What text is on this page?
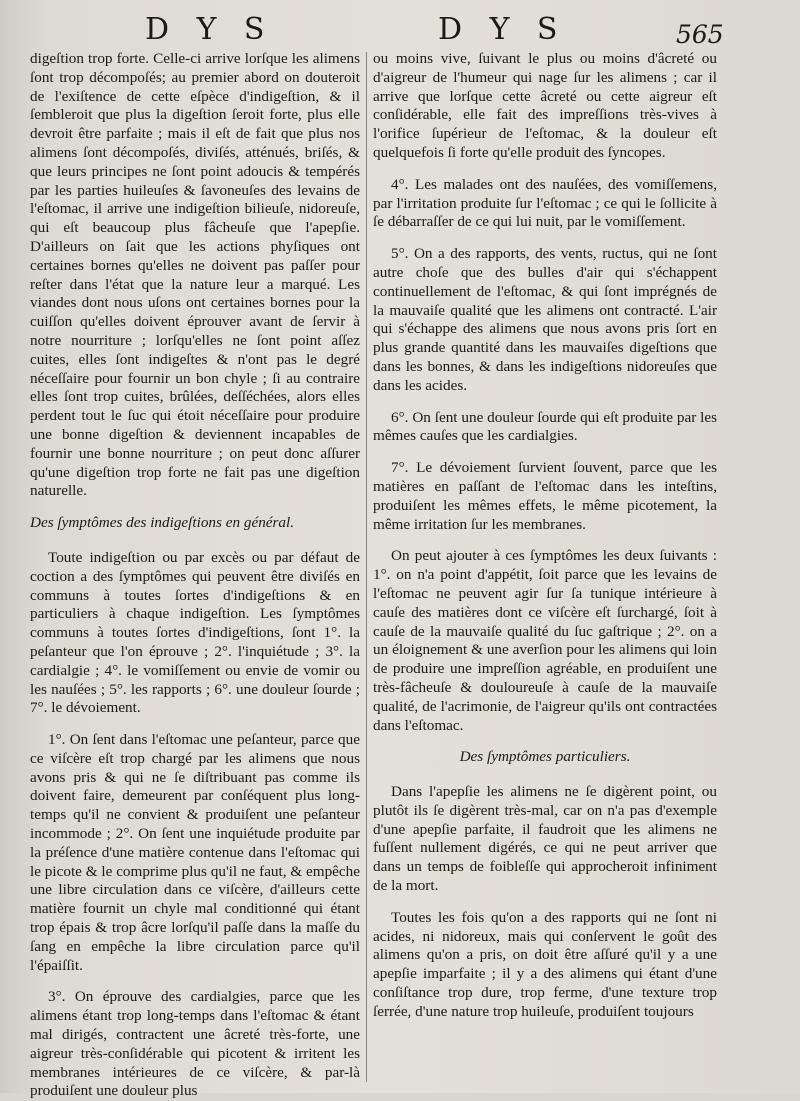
D Y S	D Y S	565

digeſtion trop forte. Celle-ci arrive lorſque les alimens ſont trop décompoſés; au premier abord on douteroit de l'exiſtence de cette eſpèce d'indigeſtion, & il ſembleroit que plus la digeſtion ſeroit forte, plus elle devroit être parfaite ; mais il eſt de fait que plus nos alimens ſont décompoſés, diviſés, atténués, briſés, & que leurs principes ne ſont point adoucis & tempérés par les parties huileuſes & ſavoneuſes des levains de l'eſtomac, il arrive une indigeſtion bilieuſe, nidoreuſe, qui eſt beaucoup plus fâcheuſe que l'apepſie. D'ailleurs on ſait que les actions phyſiques ont certaines bornes qu'elles ne doivent pas paſſer pour reſter dans l'état que la nature leur a marqué. Les viandes dont nous uſons ont certaines bornes pour la cuiſſon qu'elles doivent éprouver avant de ſervir à notre nourriture ; lorſqu'elles ne ſont point aſſez cuites, elles ſont indigeſtes & n'ont pas le degré néceſſaire pour fournir un bon chyle ; ſi au contraire elles ſont trop cuites, brûlées, deſſéchées, alors elles perdent tout le ſuc qui étoit néceſſaire pour produire une bonne digeſtion & deviennent incapables de fournir une bonne nourriture ; on peut donc aſſurer qu'une digeſtion trop forte ne fait pas une digeſtion naturelle.

Des ſymptômes des indigeſtions en général.

Toute indigeſtion ou par excès ou par défaut de coction a des ſymptômes qui peuvent être diviſés en communs à toutes ſortes d'indigeſtions & en particuliers à chaque indigeſtion. Les ſymptômes communs à toutes ſortes d'indigeſtions, ſont 1°. la peſanteur que l'on éprouve ; 2°. l'inquiétude ; 3°. la cardialgie ; 4°. le vomiſſement ou envie de vomir ou les nauſées ; 5°. les rapports ; 6°. une douleur ſourde ; 7°. le dévoiement.

1°. On ſent dans l'eſtomac une peſanteur, parce que ce viſcère eſt trop chargé par les alimens que nous avons pris & qui ne ſe diſtribuant pas comme ils doivent faire, demeurent par conſéquent plus long-temps qu'il ne convient & produiſent une peſanteur incommode ; 2°. On ſent une inquiétude produite par la préſence d'une matière contenue dans l'eſtomac qui le picote & le comprime plus qu'il ne faut, & empêche une libre circulation dans ce viſcère, d'ailleurs cette matière fournit un chyle mal conditionné qui étant trop épais & trop âcre lorſqu'il paſſe dans la maſſe du ſang en empêche la libre circulation parce qu'il l'épaiſſit.

3°. On éprouve des cardialgies, parce que les alimens étant trop long-temps dans l'eſtomac & étant mal dirigés, contractent une âcreté très-forte, une aigreur très-conſidérable qui picotent & irritent les membranes intérieures de ce viſcère, & par-là produiſent une douleur plus

ou moins vive, ſuivant le plus ou moins d'âcreté ou d'aigreur de l'humeur qui nage ſur les alimens ; car il arrive que lorſque cette âcreté ou cette aigreur eſt conſidérable, elle fait des impreſſions très-vives à l'orifice ſupérieur de l'eſtomac, & la douleur eſt quelquefois ſi forte qu'elle produit des ſyncopes.

4°. Les malades ont des nauſées, des vomiſſemens, par l'irritation produite ſur l'eſtomac ; ce qui le ſollicite à ſe débarraſſer de ce qui lui nuit, par le vomiſſement.

5°. On a des rapports, des vents, ructus, qui ne ſont autre choſe que des bulles d'air qui s'échappent continuellement de l'eſtomac, & qui ſont imprégnés de la mauvaiſe qualité que les alimens ont contracté. L'air qui s'échappe des alimens que nous avons pris ſort en plus grande quantité dans les mauvaiſes digeſtions que dans les bonnes, & dans les indigeſtions nidoreuſes que dans les acides.

6°. On ſent une douleur ſourde qui eſt produite par les mêmes cauſes que les cardialgies.

7°. Le dévoiement ſurvient ſouvent, parce que les matières en paſſant de l'eſtomac dans les inteſtins, produiſent les mêmes effets, le même picotement, la même irritation ſur les membranes.

On peut ajouter à ces ſymptômes les deux ſuivants : 1°. on n'a point d'appétit, ſoit parce que les levains de l'eſtomac ne peuvent agir ſur ſa tunique intérieure à cauſe des matières dont ce viſcère eſt ſurchargé, ſoit à cauſe de la mauvaiſe qualité du ſuc gaſtrique ; 2°. on a un éloignement & une averſion pour les alimens qui loin de produire une impreſſion agréable, en produiſent une très-fâcheuſe & douloureuſe à cauſe de la mauvaiſe qualité, de l'acrimonie, de l'aigreur qu'ils ont contractées dans l'eſtomac.

Des ſymptômes particuliers.

Dans l'apepſie les alimens ne ſe digèrent point, ou plutôt ils ſe digèrent très-mal, car on n'a pas d'exemple d'une apepſie parfaite, il faudroit que les alimens ne fuſſent nullement digérés, ce qui ne peut arriver que dans un temps de foibleſſe qui approcheroit infiniment de la mort.

Toutes les fois qu'on a des rapports qui ne ſont ni acides, ni nidoreux, mais qui conſervent le goût des alimens qu'on a pris, on doit être aſſuré qu'il y a une apepſie imparfaite ; il y a des alimens qui étant d'une conſiſtance trop dure, trop ferme, d'une texture trop ſerrée, d'une nature trop huileuſe, produiſent toujours
